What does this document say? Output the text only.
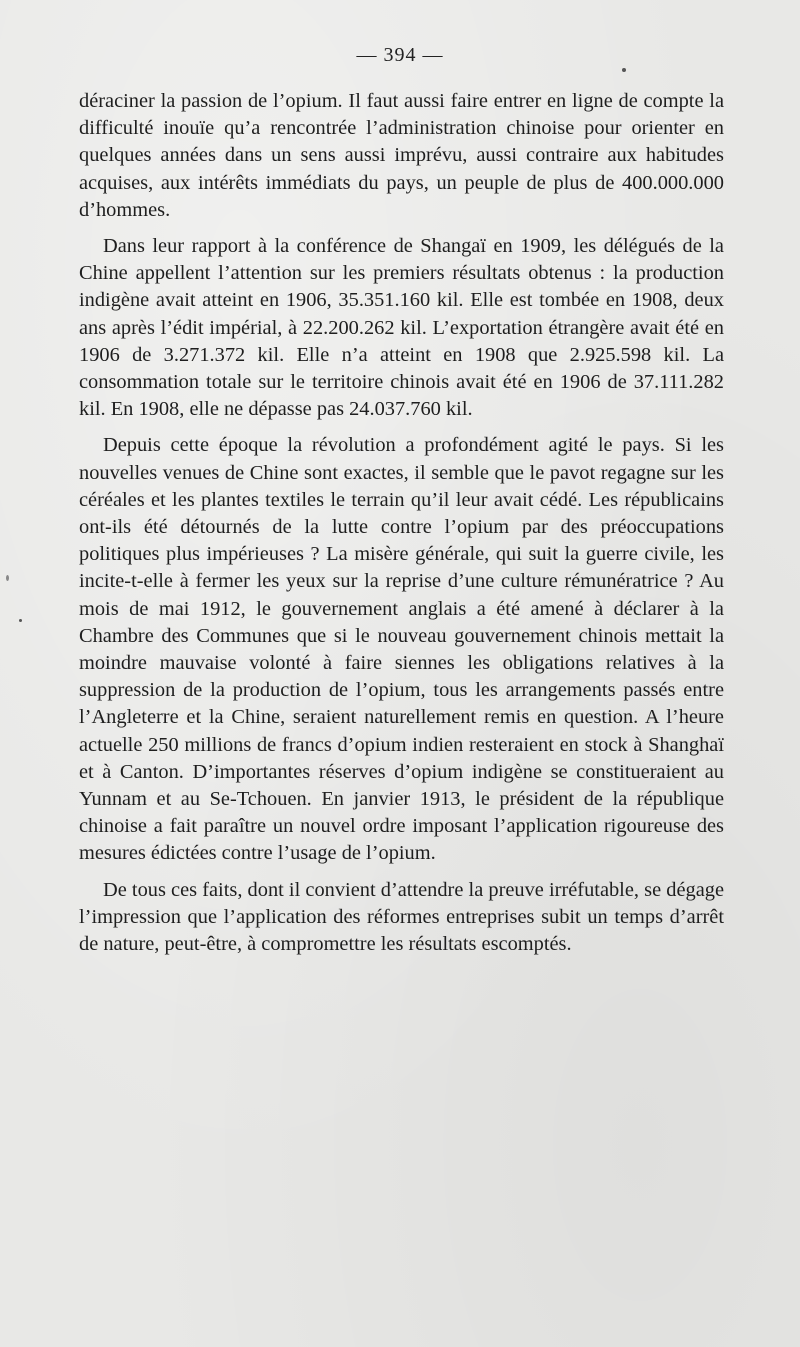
— 394 —

déraciner la passion de l’opium. Il faut aussi faire entrer en ligne de compte la difficulté inouïe qu’a rencontrée l’administration chinoise pour orienter en quelques années dans un sens aussi imprévu, aussi contraire aux habitudes acquises, aux intérêts immédiats du pays, un peuple de plus de 400.000.000 d’hommes.

Dans leur rapport à la conférence de Shangaï en 1909, les délégués de la Chine appellent l’attention sur les premiers résultats obtenus : la production indigène avait atteint en 1906, 35.351.160 kil. Elle est tombée en 1908, deux ans après l’édit impérial, à 22.200.262 kil. L’exportation étrangère avait été en 1906 de 3.271.372 kil. Elle n’a atteint en 1908 que 2.925.598 kil. La consommation totale sur le territoire chinois avait été en 1906 de 37.111.282 kil. En 1908, elle ne dépasse pas 24.037.760 kil.

Depuis cette époque la révolution a profondément agité le pays. Si les nouvelles venues de Chine sont exactes, il semble que le pavot regagne sur les céréales et les plantes textiles le terrain qu’il leur avait cédé. Les républicains ont-ils été détournés de la lutte contre l’opium par des préoccupations politiques plus impérieuses ? La misère générale, qui suit la guerre civile, les incite-t-elle à fermer les yeux sur la reprise d’une culture rémunératrice ? Au mois de mai 1912, le gouvernement anglais a été amené à déclarer à la Chambre des Communes que si le nouveau gouvernement chinois mettait la moindre mauvaise volonté à faire siennes les obligations relatives à la suppression de la production de l’opium, tous les arrangements passés entre l’Angleterre et la Chine, seraient naturellement remis en question. A l’heure actuelle 250 millions de francs d’opium indien resteraient en stock à Shanghaï et à Canton. D’importantes réserves d’opium indigène se constitueraient au Yunnam et au Se-Tchouen. En janvier 1913, le président de la république chinoise a fait paraître un nouvel ordre imposant l’application rigoureuse des mesures édictées contre l’usage de l’opium.

De tous ces faits, dont il convient d’attendre la preuve irréfutable, se dégage l’impression que l’application des réformes entreprises subit un temps d’arrêt de nature, peut-être, à compromettre les résultats escomptés.
